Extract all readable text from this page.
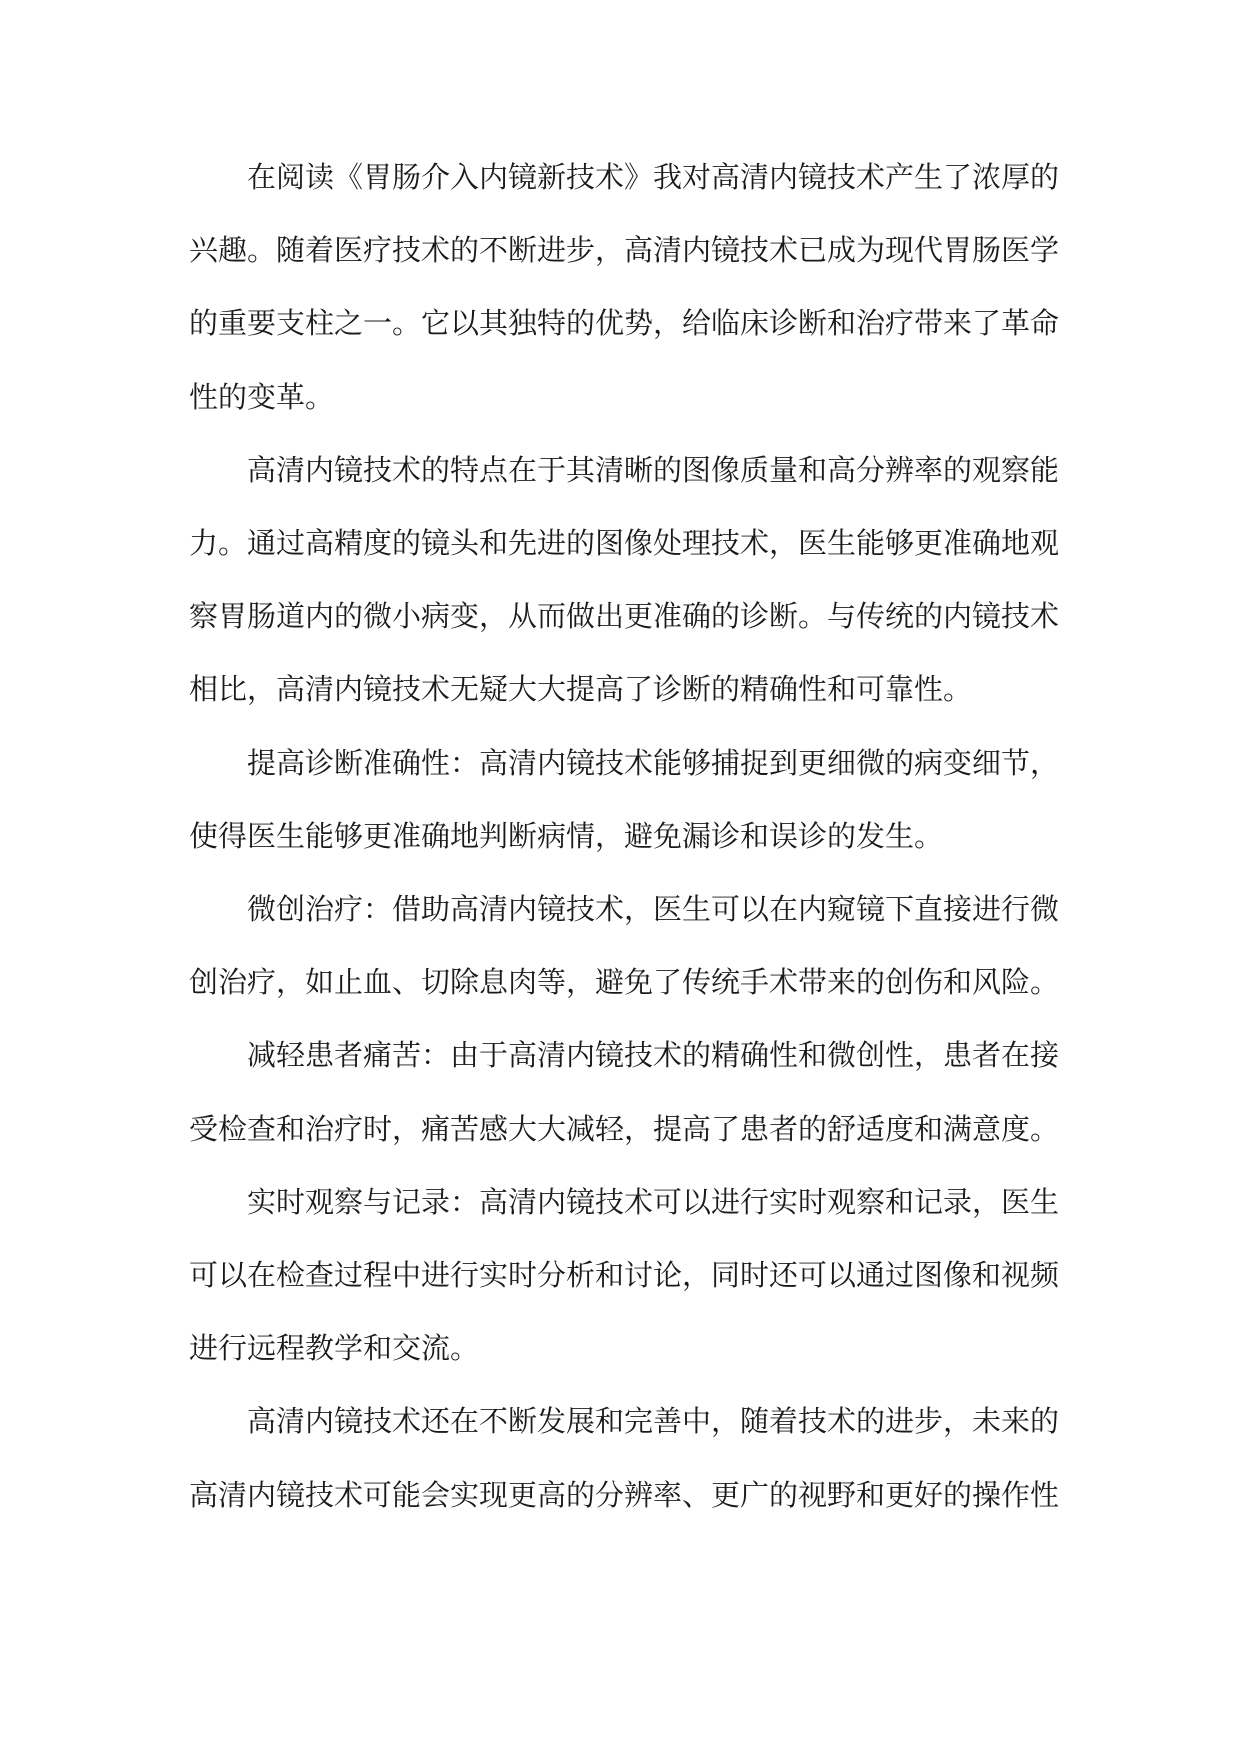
在阅读《胃肠介入内镜新技术》我对高清内镜技术产生了浓厚的兴趣。随着医疗技术的不断进步，高清内镜技术已成为现代胃肠医学的重要支柱之一。它以其独特的优势，给临床诊断和治疗带来了革命性的变革。

高清内镜技术的特点在于其清晰的图像质量和高分辨率的观察能力。通过高精度的镜头和先进的图像处理技术，医生能够更准确地观察胃肠道内的微小病变，从而做出更准确的诊断。与传统的内镜技术相比，高清内镜技术无疑大大提高了诊断的精确性和可靠性。

提高诊断准确性：高清内镜技术能够捕捉到更细微的病变细节，使得医生能够更准确地判断病情，避免漏诊和误诊的发生。

微创治疗：借助高清内镜技术，医生可以在内窥镜下直接进行微创治疗，如止血、切除息肉等，避免了传统手术带来的创伤和风险。

减轻患者痛苦：由于高清内镜技术的精确性和微创性，患者在接受检查和治疗时，痛苦感大大减轻，提高了患者的舒适度和满意度。

实时观察与记录：高清内镜技术可以进行实时观察和记录，医生可以在检查过程中进行实时分析和讨论，同时还可以通过图像和视频进行远程教学和交流。

高清内镜技术还在不断发展和完善中，随着技术的进步，未来的高清内镜技术可能会实现更高的分辨率、更广的视野和更好的操作性
